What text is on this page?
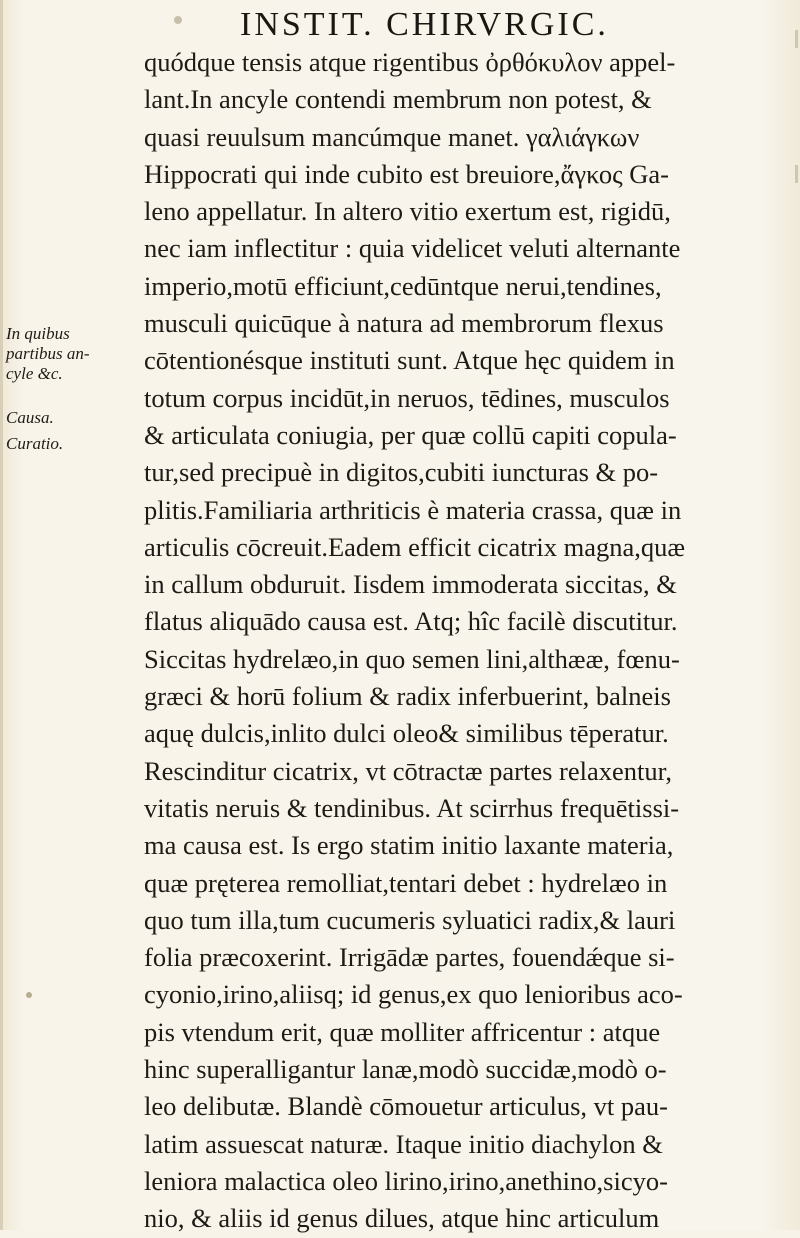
INSTIT. CHIRVRGIC.
In quibus
partibus an-
cyle &c.
Causa.
Curatio.
quódque tensis atque rigentibus ὀρθόκυλον appel-
lant.In ancyle contendi membrum non potest, &
quasi reuulsum mancúmque manet. γαλιάγκων
Hippocrati qui inde cubito est breuiore,ἄγκος Ga-
leno appellatur. In altero vitio exertum est, rigidū,
nec iam inflectitur : quia videlicet veluti alternante
imperio,motū efficiunt,cedūntque nerui,tendines,
musculi quicūque à natura ad membrorum flexus
cōtentionésque instituti sunt. Atque hęc quidem in
totum corpus incidūt,in neruos, tēdines, musculos
& articulata coniugia, per quæ collū capiti copula-
tur,sed precipuè in digitos,cubiti iuncturas & po-
plitis.Familiaria arthriticis è materia crassa, quæ in
articulis cōcreuit.Eadem efficit cicatrix magna,quæ
in callum obduruit. Iisdem immoderata siccitas, &
flatus aliquādo causa est. Atq; hîc facilè discutitur.
Siccitas hydrelæo,in quo semen lini,althææ, fœnu-
græci & horū folium & radix inferbuerint, balneis
aquę dulcis,inlito dulci oleo& similibus tēperatur.
Rescinditur cicatrix, vt cōtractæ partes relaxentur,
vitatis neruis & tendinibus. At scirrhus frequētissi-
ma causa est. Is ergo statim initio laxante materia,
quæ pręterea remolliat,tentari debet : hydrelæo in
quo tum illa,tum cucumeris syluatici radix,& lauri
folia præcoxerint. Irrigādæ partes, fouendǽque si-
cyonio,irino,aliisq; id genus,ex quo lenioribus aco-
pis vtendum erit, quæ molliter affricentur : atque
hinc superalligantur lanæ,modò succidæ,modò o-
leo delibutæ. Blandè cōmouetur articulus, vt pau-
latim assuescat naturæ. Itaque initio diachylon &
leniora malactica oleo lirino,irino,anethino,sicyo-
nio, & aliis id genus dilues, atque hinc articulum
